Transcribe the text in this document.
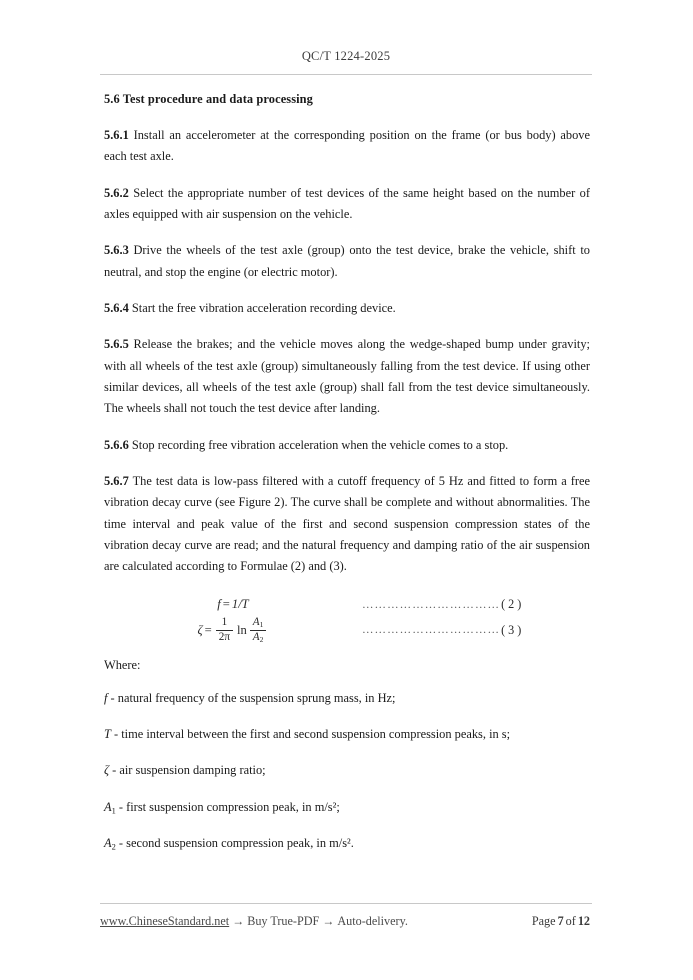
QC/T 1224-2025
5.6 Test procedure and data processing

5.6.1 Install an accelerometer at the corresponding position on the frame (or bus body) above each test axle.

5.6.2 Select the appropriate number of test devices of the same height based on the number of axles equipped with air suspension on the vehicle.

5.6.3 Drive the wheels of the test axle (group) onto the test device, brake the vehicle, shift to neutral, and stop the engine (or electric motor).

5.6.4 Start the free vibration acceleration recording device.

5.6.5 Release the brakes; and the vehicle moves along the wedge-shaped bump under gravity; with all wheels of the test axle (group) simultaneously falling from the test device. If using other similar devices, all wheels of the test axle (group) shall fall from the test device simultaneously. The wheels shall not touch the test device after landing.

5.6.6 Stop recording free vibration acceleration when the vehicle comes to a stop.

5.6.7 The test data is low-pass filtered with a cutoff frequency of 5 Hz and fitted to form a free vibration decay curve (see Figure 2). The curve shall be complete and without abnormalities. The time interval and peak value of the first and second suspension compression states of the vibration decay curve are read; and the natural frequency and damping ratio of the air suspension are calculated according to Formulae (2) and (3).

f = 1/T	…………………………… ( 2 )
$\zeta = \frac{1}{2\pi}$ $\ln \frac{A_1}{A_2}$	…………………………… ( 3 )

Where:

f - natural frequency of the suspension sprung mass, in Hz;

T - time interval between the first and second suspension compression peaks, in s;

ζ - air suspension damping ratio;

$A_1$ - first suspension compression peak, in m/s²;

$A_2$ - second suspension compression peak, in m/s².

www.ChineseStandard.net → Buy True-PDF → Auto-delivery.	Page 7 of 12
